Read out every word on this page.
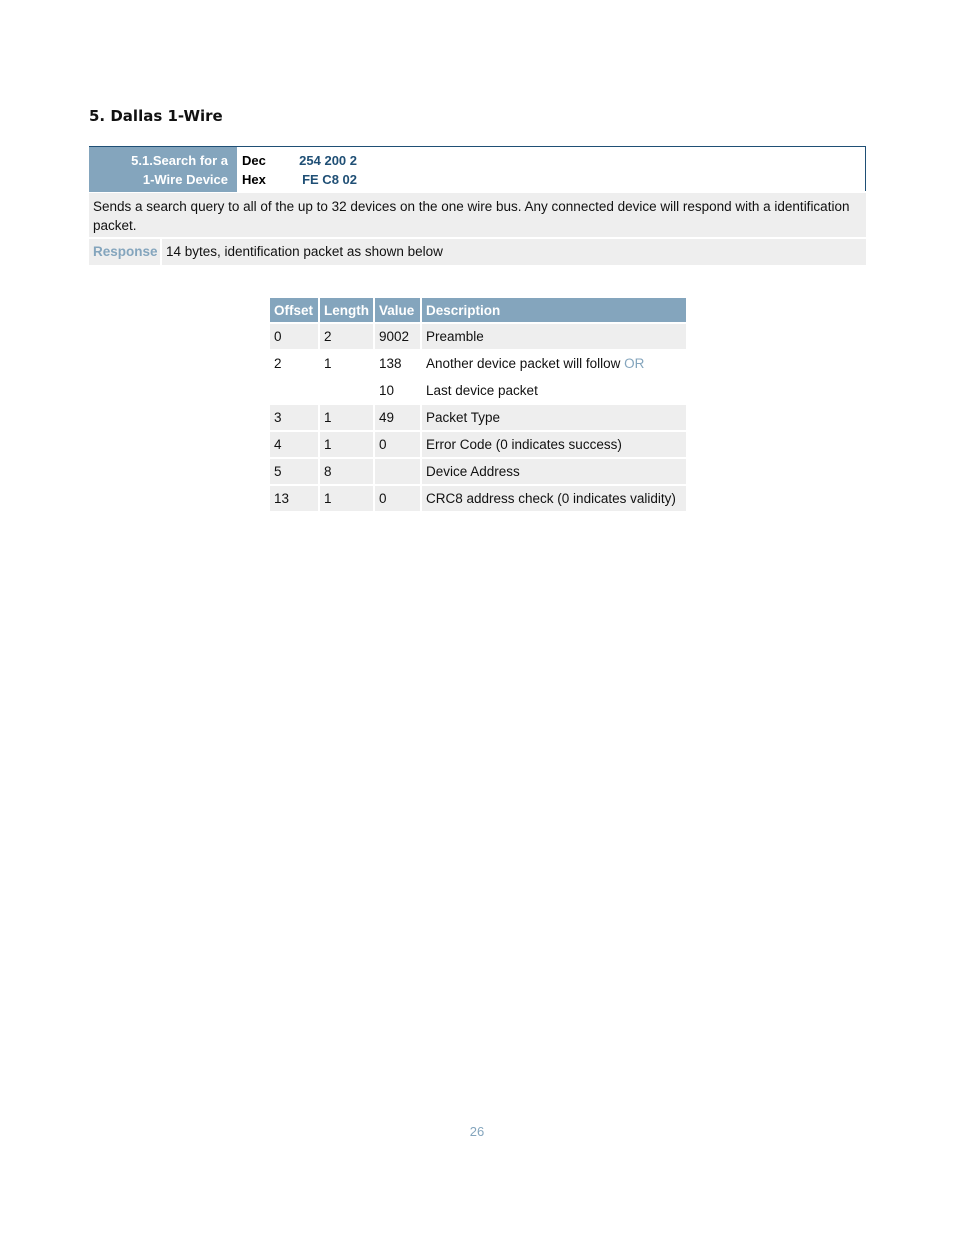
5. Dallas 1-Wire
5.1.Search for a
1-Wire Device
Dec	254 200 2
Hex	FE C8 02
Sends a search query to all of the up to 32 devices on the one wire bus. Any connected device will respond with a identification packet.
Response 14 bytes, identification packet as shown below
Offset	Length	Value	Description
0	2	9002	Preamble
2	1	138	Another device packet will follow OR
		10	Last device packet
3	1	49	Packet Type
4	1	0	Error Code (0 indicates success)
5	8		Device Address
13	1	0	CRC8 address check (0 indicates validity)
26
